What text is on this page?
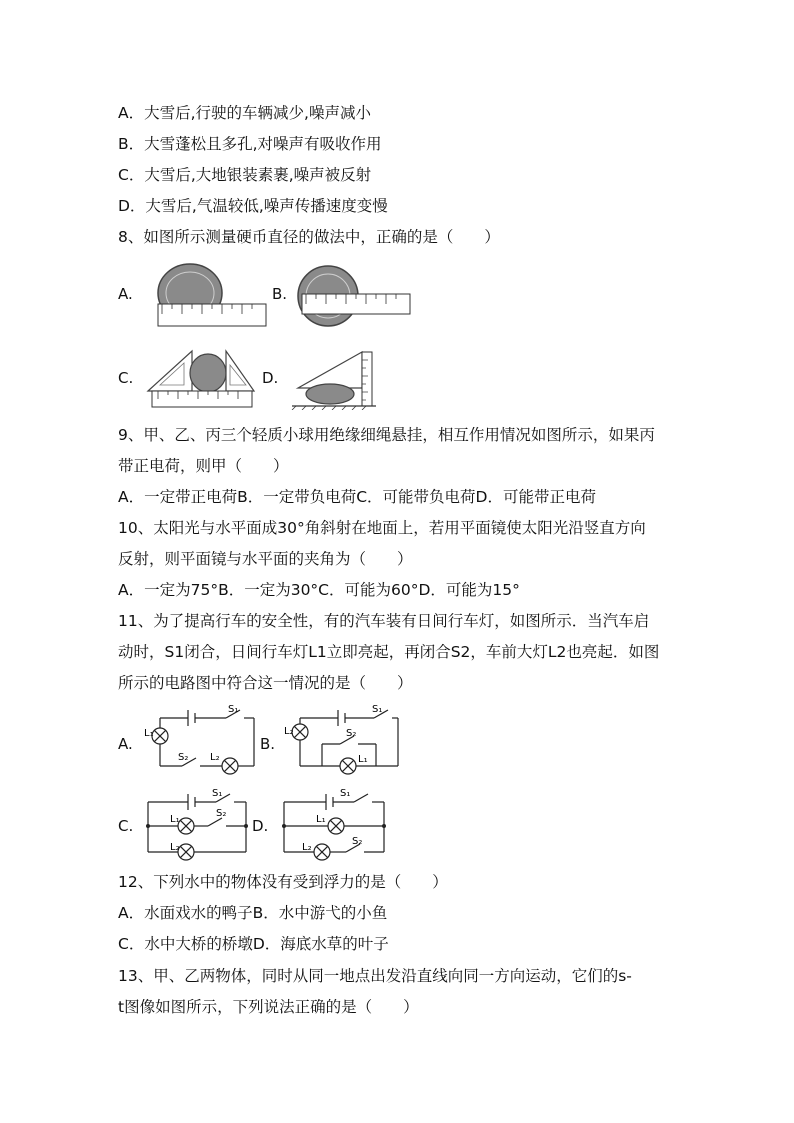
A．大雪后,行驶的车辆减少,噪声减小
B．大雪蓬松且多孔,对噪声有吸收作用
C．大雪后,大地银装素裹,噪声被反射
D．大雪后,气温较低,噪声传播速度变慢
8、如图所示测量硬币直径的做法中，正确的是（　　）
A.	B.
C.	D.
9、甲、乙、丙三个轻质小球用绝缘细绳悬挂，相互作用情况如图所示，如果丙
带正电荷，则甲（　　）
A．一定带正电荷B．一定带负电荷C．可能带负电荷D．可能带正电荷
10、太阳光与水平面成30°角斜射在地面上，若用平面镜使太阳光沿竖直方向
反射，则平面镜与水平面的夹角为（　　）
A．一定为75°B．一定为30°C．可能为60°D．可能为15°
11、为了提高行车的安全性，有的汽车装有日间行车灯，如图所示．当汽车启
动时，S1闭合，日间行车灯L1立即亮起，再闭合S2，车前大灯L2也亮起．如图
所示的电路图中符合这一情况的是（　　）
A.
S₁
L₁
S₂ L₂
B.
S₁
L₂	S₂
L₁
C.
S₁
L₁
S₂
L₂
D.
S₁
L₁
L₂
S₂
12、下列水中的物体没有受到浮力的是（　　）
A．水面戏水的鸭子B．水中游弋的小鱼
C．水中大桥的桥墩D．海底水草的叶子
13、甲、乙两物体，同时从同一地点出发沿直线向同一方向运动，它们的s-
t图像如图所示，下列说法正确的是（　　）
